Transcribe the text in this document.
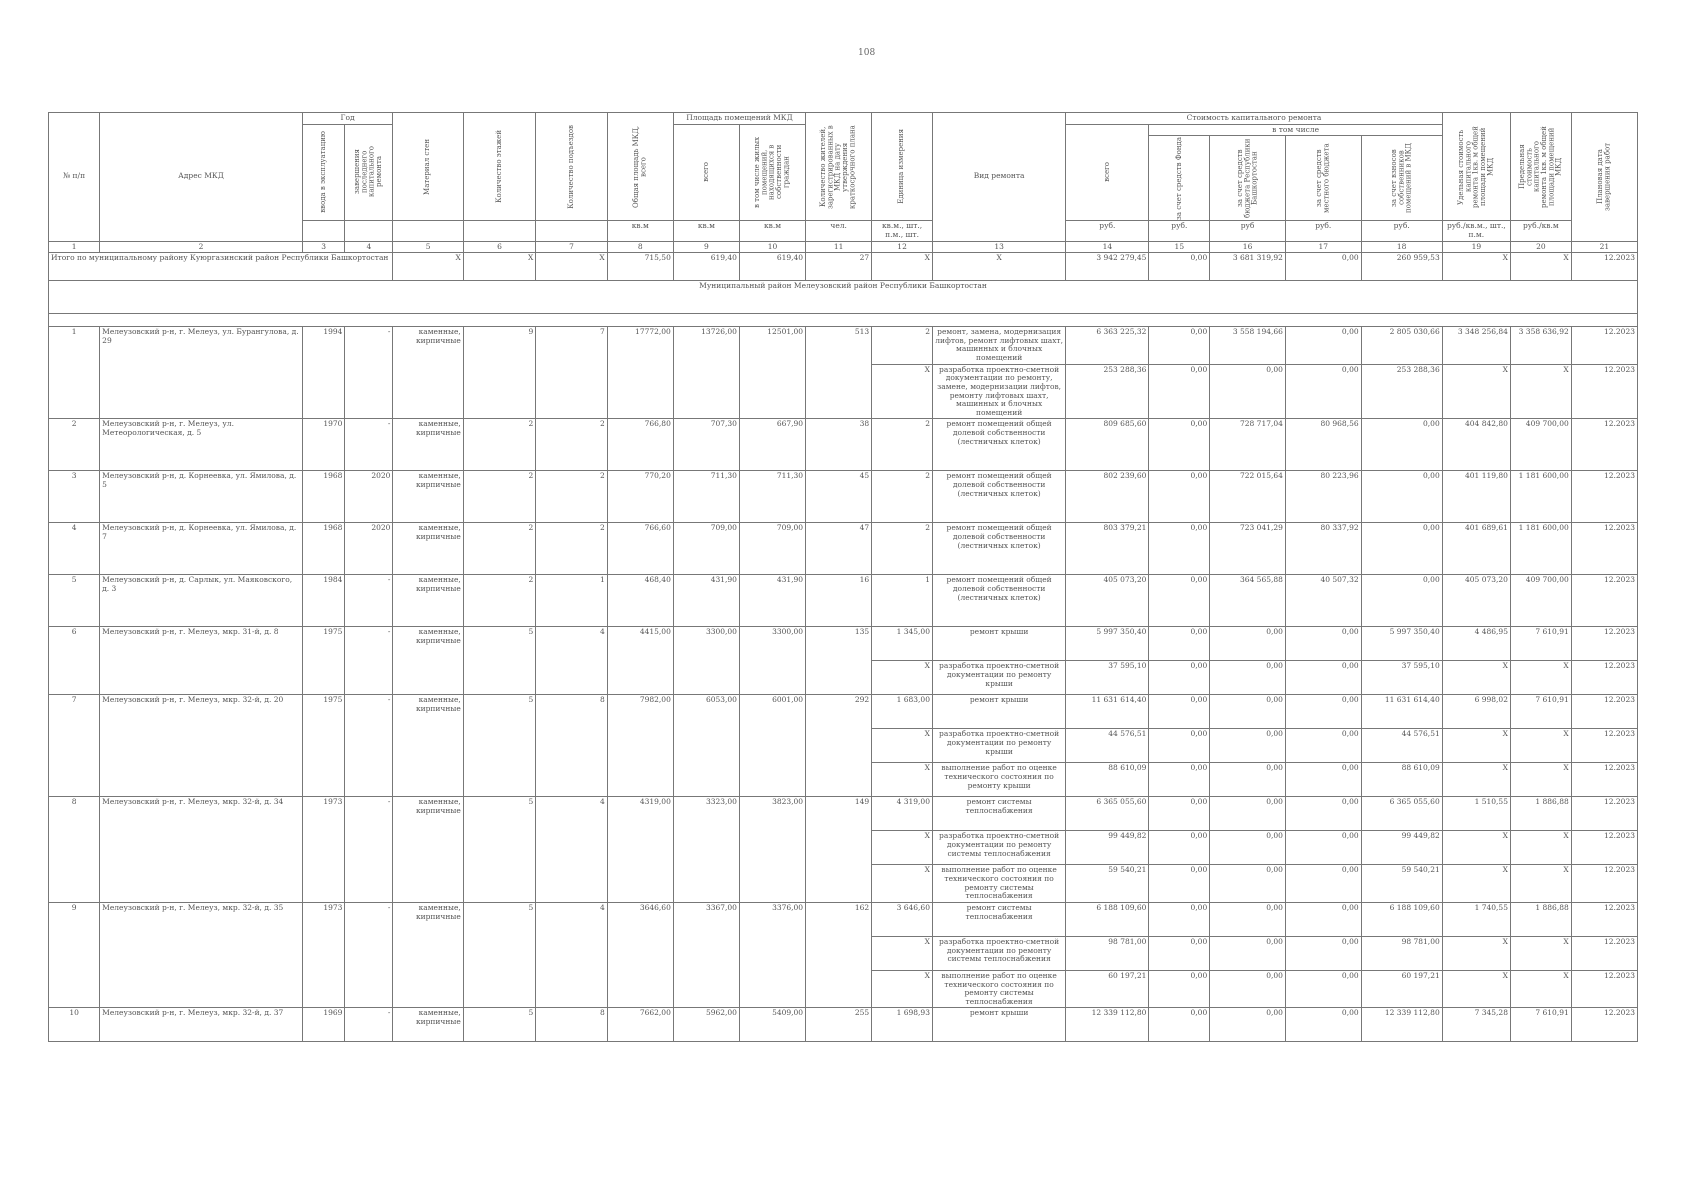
108
№ п/п	Адрес МКД	Год		Материал стен	Количество этажей	Количество подъездов	Общая площадь МКД, всего	Площадь помещений МКД		Количество жителей, зарегистрированных в МКД на дату утверждения краткосрочного плана	Единица измерения	Вид ремонта	Стоимость капитального ремонта					Удельная стоимость капитального ремонта 1кв. м общей площади помещений МКД	Предельная стоимость капитального ремонта 1кв. м общей площади помещений МКД	Плановая дата завершения работ

		ввода в эксплуатацию	завершения последнего капитального ремонта					всего	в том числе жилых помещений, находящихся в собственности граждан				всего	в том числе						

														за счет средств Фонда	за счет средств бюджета Республики Башкортостан	за счет средств местного бюджета	за счет взносов собственников помещений в МКД			

							кв.м	кв.м	кв.м	чел.	кв.м., шт., п.м., шт.		руб.	руб.	руб	руб.	руб.	руб./кв.м., шт., п.м.	руб./кв.м	
1	2	3	4	5	6	7	8	9	10	11	12	13	14	15	16	17	18	19	20	21
Итого по муниципальному району Куюргазинский район Республики Башкортостан				X	X	X	715,50	619,40	619,40	27	X	X	3 942 279,45	0,00	3 681 319,92	0,00	260 959,53	X	X	12.2023
Муниципальный район Мелеузовский район Республики Башкортостан																				

1	Мелеузовский р-н, г. Мелеуз, ул. Бурангулова, д. 29	1994	-	каменные, кирпичные	9	7	17772,00	13726,00	12501,00	513	2	ремонт, замена, модернизация лифтов, ремонт лифтовых шахт, машинных и блочных помещений	6 363 225,32	0,00	3 558 194,66	0,00	2 805 030,66	3 348 256,84	3 358 636,92	12.2023
											X	разработка проектно-сметной документации по ремонту, замене, модернизации лифтов, ремонту лифтовых шахт, машинных и блочных помещений	253 288,36	0,00	0,00	0,00	253 288,36	X	X	12.2023
2	Мелеузовский р-н, г. Мелеуз, ул. Метеорологическая, д. 5	1970	-	каменные, кирпичные	2	2	766,80	707,30	667,90	38	2	ремонт помещений общей долевой собственности (лестничных клеток)	809 685,60	0,00	728 717,04	80 968,56	0,00	404 842,80	409 700,00	12.2023
3	Мелеузовский р-н, д. Корнеевка, ул. Ямилова, д. 5	1968	2020	каменные, кирпичные	2	2	770,20	711,30	711,30	45	2	ремонт помещений общей долевой собственности (лестничных клеток)	802 239,60	0,00	722 015,64	80 223,96	0,00	401 119,80	1 181 600,00	12.2023
4	Мелеузовский р-н, д. Корнеевка, ул. Ямилова, д. 7	1968	2020	каменные, кирпичные	2	2	766,60	709,00	709,00	47	2	ремонт помещений общей долевой собственности (лестничных клеток)	803 379,21	0,00	723 041,29	80 337,92	0,00	401 689,61	1 181 600,00	12.2023
5	Мелеузовский р-н, д. Сарлык, ул. Маяковского, д. 3	1984	-	каменные, кирпичные	2	1	468,40	431,90	431,90	16	1	ремонт помещений общей долевой собственности (лестничных клеток)	405 073,20	0,00	364 565,88	40 507,32	0,00	405 073,20	409 700,00	12.2023
6	Мелеузовский р-н, г. Мелеуз, мкр. 31-й, д. 8	1975	-	каменные, кирпичные	5	4	4415,00	3300,00	3300,00	135	1 345,00	ремонт крыши	5 997 350,40	0,00	0,00	0,00	5 997 350,40	4 486,95	7 610,91	12.2023
											X	разработка проектно-сметной документации по ремонту крыши	37 595,10	0,00	0,00	0,00	37 595,10	X	X	12.2023
7	Мелеузовский р-н, г. Мелеуз, мкр. 32-й, д. 20	1975	-	каменные, кирпичные	5	8	7982,00	6053,00	6001,00	292	1 683,00	ремонт крыши	11 631 614,40	0,00	0,00	0,00	11 631 614,40	6 998,02	7 610,91	12.2023
											X	разработка проектно-сметной документации по ремонту крыши	44 576,51	0,00	0,00	0,00	44 576,51	X	X	12.2023
											X	выполнение работ по оценке технического состояния по ремонту крыши	88 610,09	0,00	0,00	0,00	88 610,09	X	X	12.2023
8	Мелеузовский р-н, г. Мелеуз, мкр. 32-й, д. 34	1973	-	каменные, кирпичные	5	4	4319,00	3323,00	3823,00	149	4 319,00	ремонт системы теплоснабжения	6 365 055,60	0,00	0,00	0,00	6 365 055,60	1 510,55	1 886,88	12.2023
											X	разработка проектно-сметной документации по ремонту системы теплоснабжения	99 449,82	0,00	0,00	0,00	99 449,82	X	X	12.2023
											X	выполнение работ по оценке технического состояния по ремонту системы теплоснабжения	59 540,21	0,00	0,00	0,00	59 540,21	X	X	12.2023
9	Мелеузовский р-н, г. Мелеуз, мкр. 32-й, д. 35	1973	-	каменные, кирпичные	5	4	3646,60	3367,00	3376,00	162	3 646,60	ремонт системы теплоснабжения	6 188 109,60	0,00	0,00	0,00	6 188 109,60	1 740,55	1 886,88	12.2023
											X	разработка проектно-сметной документации по ремонту системы теплоснабжения	98 781,00	0,00	0,00	0,00	98 781,00	X	X	12.2023
											X	выполнение работ по оценке технического состояния по ремонту системы теплоснабжения	60 197,21	0,00	0,00	0,00	60 197,21	X	X	12.2023
10	Мелеузовский р-н, г. Мелеуз, мкр. 32-й, д. 37	1969	-	каменные, кирпичные	5	8	7662,00	5962,00	5409,00	255	1 698,93	ремонт крыши	12 339 112,80	0,00	0,00	0,00	12 339 112,80	7 345,28	7 610,91	12.2023
